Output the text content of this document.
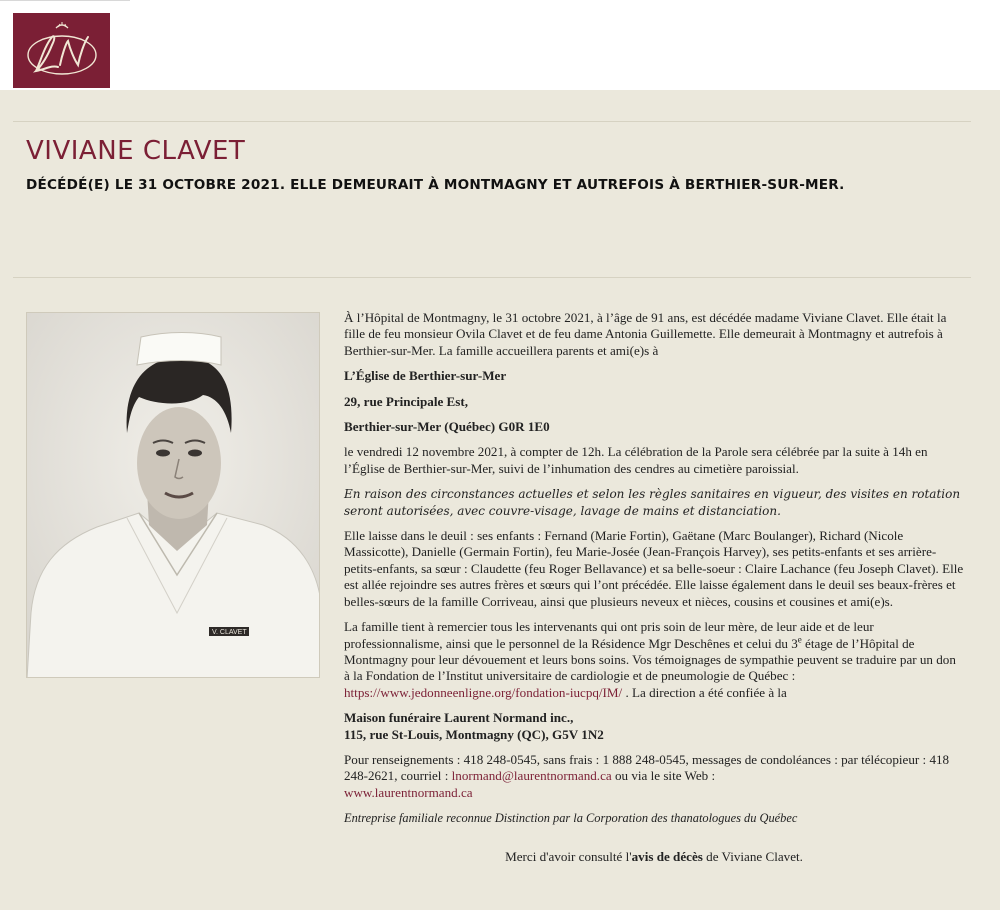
LN
VIVIANE CLAVET
DÉCÉDÉ(E) LE 31 OCTOBRE 2021. ELLE DEMEURAIT À MONTMAGNY ET AUTREFOIS À BERTHIER-SUR-MER.
V. CLAVET

À l’Hôpital de Montmagny, le 31 octobre 2021, à l’âge de 91 ans, est décédée madame Viviane Clavet. Elle était la fille de feu monsieur Ovila Clavet et de feu dame Antonia Guillemette. Elle demeurait à Montmagny et autrefois à Berthier-sur-Mer. La famille accueillera parents et ami(e)s à

L’Église de Berthier-sur-Mer

29, rue Principale Est,

Berthier-sur-Mer (Québec) G0R 1E0

le vendredi 12 novembre 2021, à compter de 12h. La célébration de la Parole sera célébrée par la suite à 14h en l’Église de Berthier-sur-Mer, suivi de l’inhumation des cendres au cimetière paroissial.

En raison des circonstances actuelles et selon les règles sanitaires en vigueur, des visites en rotation seront autorisées, avec couvre-visage, lavage de mains et distanciation.

Elle laisse dans le deuil : ses enfants : Fernand (Marie Fortin), Gaëtane (Marc Boulanger), Richard (Nicole Massicotte), Danielle (Germain Fortin), feu Marie-Josée (Jean-François Harvey), ses petits-enfants et ses arrière-petits-enfants, sa sœur : Claudette (feu Roger Bellavance) et sa belle-soeur : Claire Lachance (feu Joseph Clavet). Elle est allée rejoindre ses autres frères et sœurs qui l’ont précédée. Elle laisse également dans le deuil ses beaux-frères et belles-sœurs de la famille Corriveau, ainsi que plusieurs neveux et nièces, cousins et cousines et ami(e)s.

La famille tient à remercier tous les intervenants qui ont pris soin de leur mère, de leur aide et de leur professionnalisme, ainsi que le personnel de la Résidence Mgr Deschênes et celui du 3e étage de l’Hôpital de Montmagny pour leur dévouement et leurs bons soins. Vos témoignages de sympathie peuvent se traduire par un don à la Fondation de l’Institut universitaire de cardiologie et de pneumologie de Québec : https://www.jedonneenligne.org/fondation-iucpq/IM/ . La direction a été confiée à la

Maison funéraire Laurent Normand inc.,
115, rue St-Louis, Montmagny (QC), G5V 1N2

Pour renseignements : 418 248-0545, sans frais : 1 888 248-0545, messages de condoléances : par télécopieur : 418 248-2621, courriel : lnormand@laurentnormand.ca ou via le site Web :
www.laurentnormand.ca

Entreprise familiale reconnue Distinction par la Corporation des thanatologues du Québec

Merci d'avoir consulté l'avis de décès de Viviane Clavet.
